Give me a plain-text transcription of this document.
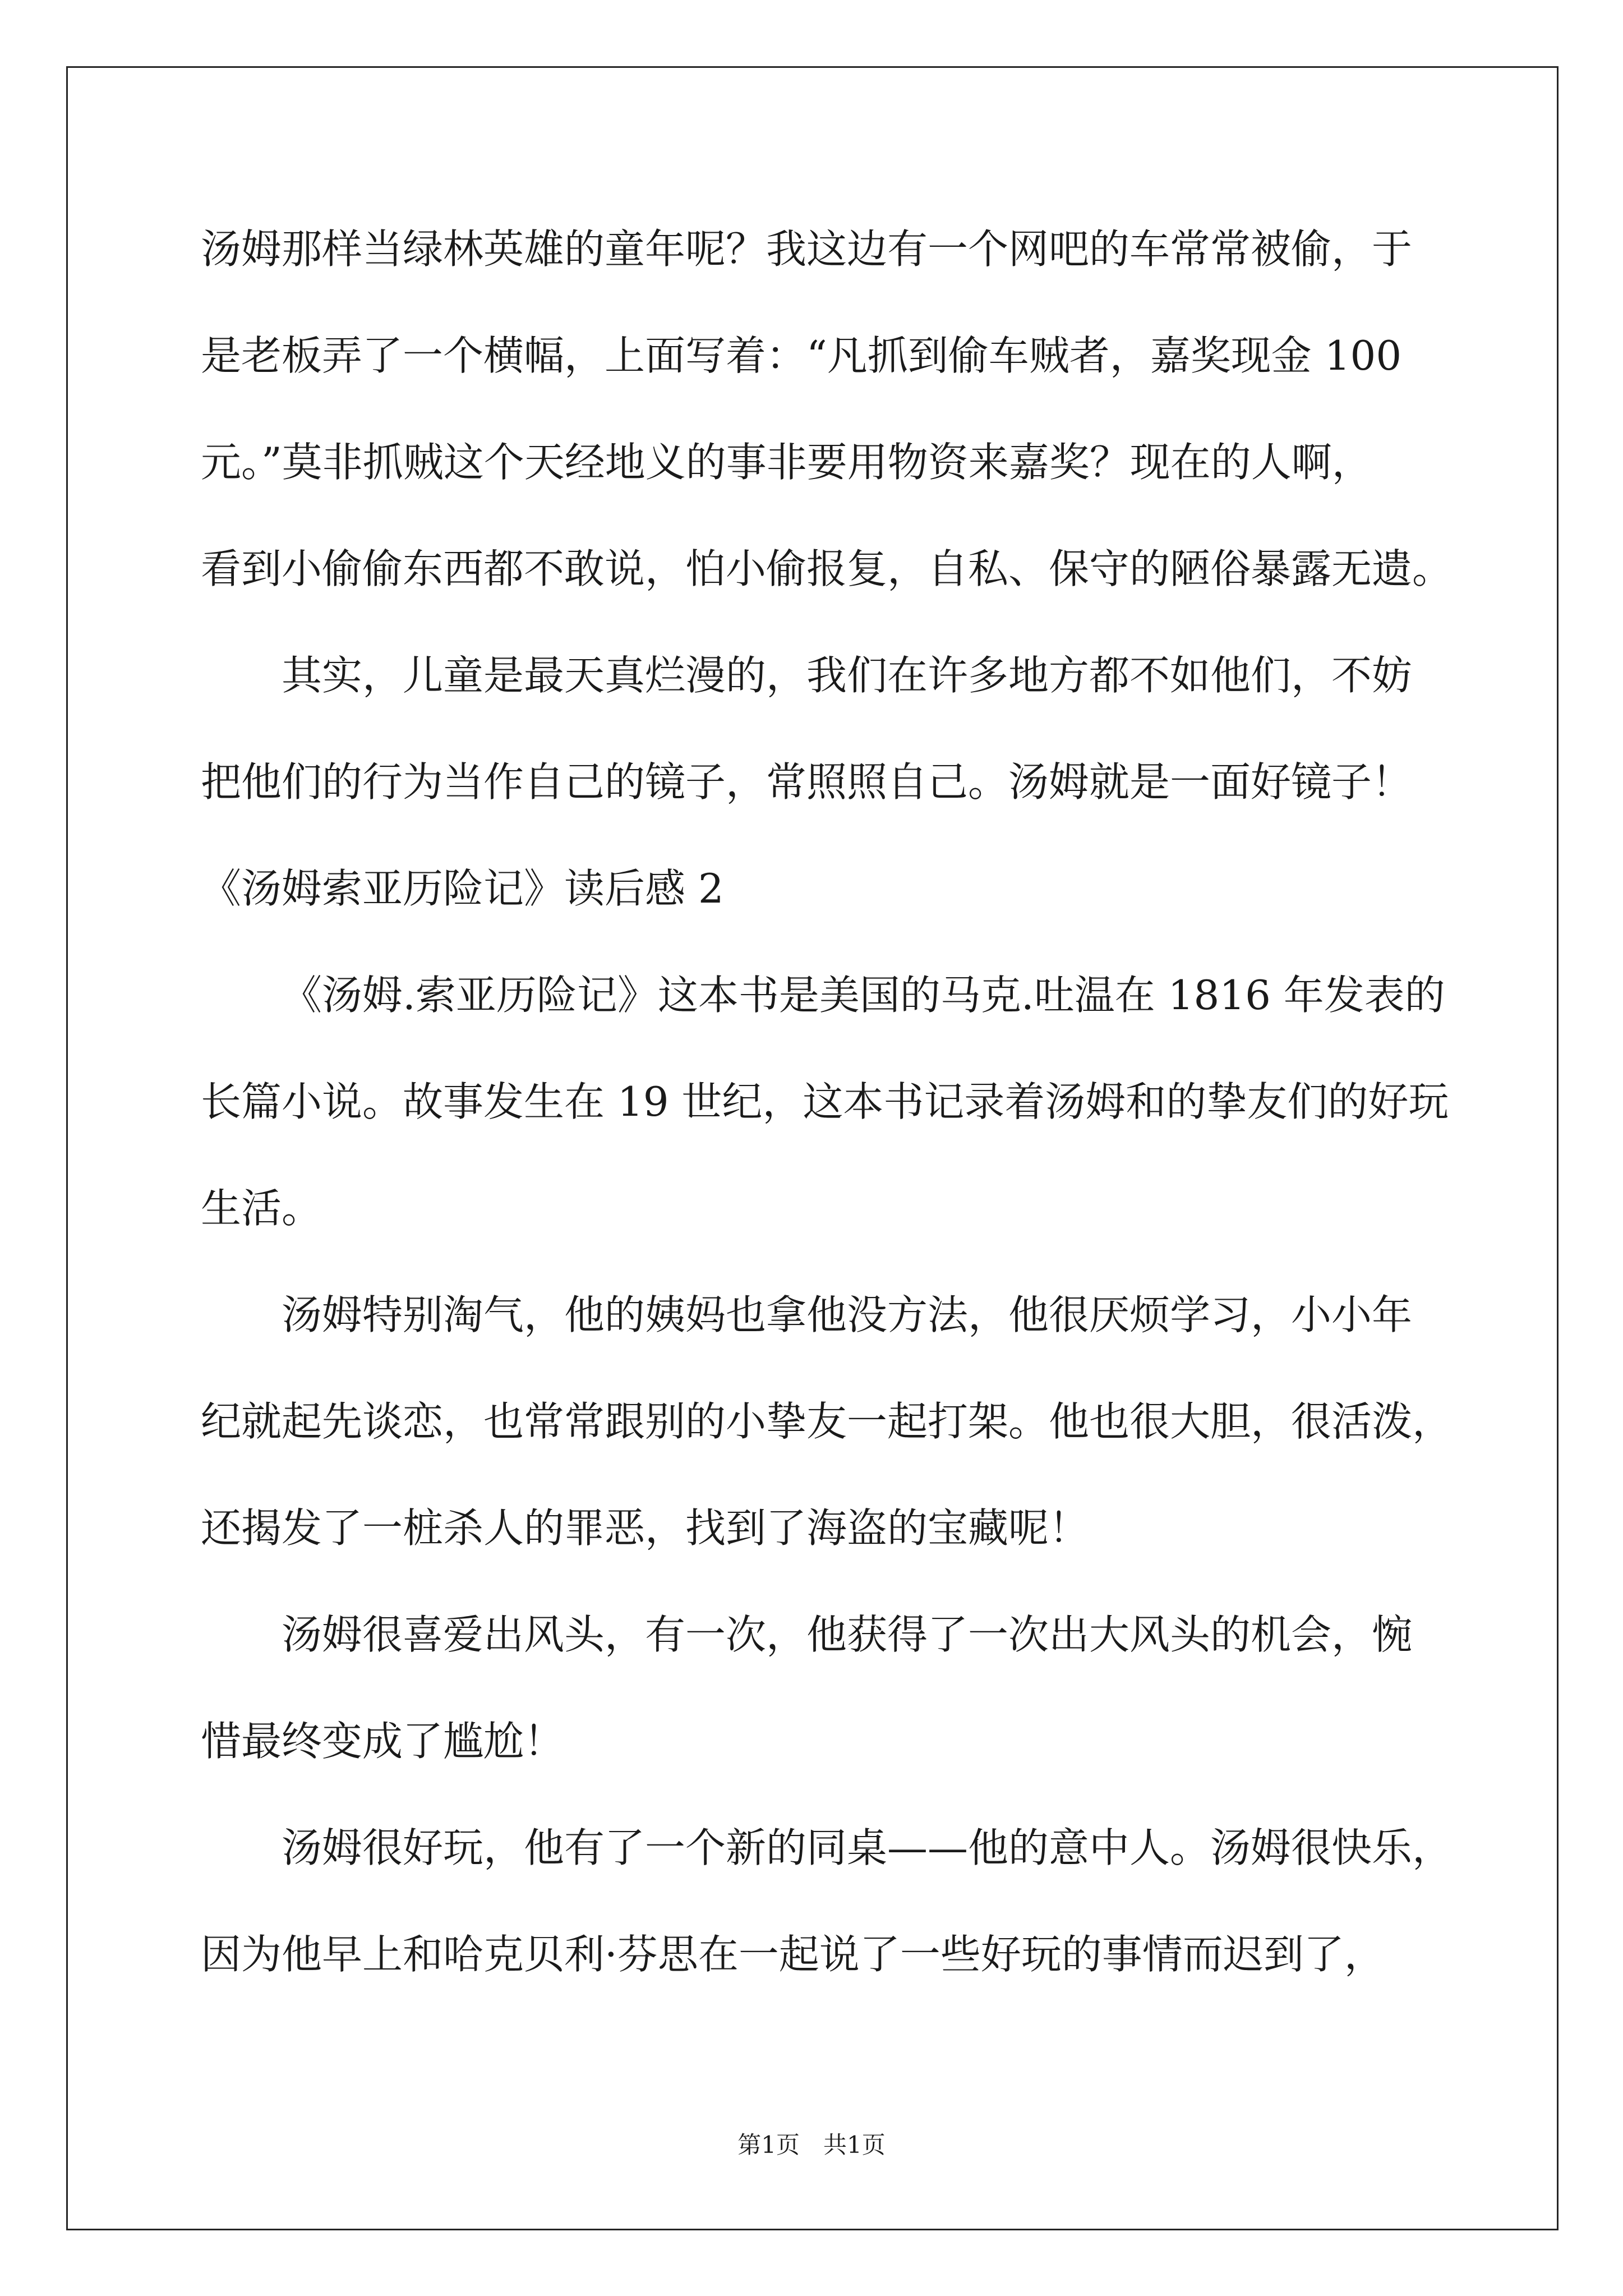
汤姆那样当绿林英雄的童年呢？我这边有一个网吧的车常常被偷，于
是老板弄了一个横幅，上面写着：“凡抓到偷车贼者，嘉奖现金 100
元。”莫非抓贼这个天经地义的事非要用物资来嘉奖？现在的人啊，
看到小偷偷东西都不敢说，怕小偷报复，自私、保守的陋俗暴露无遗。
其实，儿童是最天真烂漫的，我们在许多地方都不如他们，不妨
把他们的行为当作自己的镜子，常照照自己。汤姆就是一面好镜子！
《汤姆索亚历险记》读后感 2
《汤姆.索亚历险记》这本书是美国的马克.吐温在 1816 年发表的
长篇小说。故事发生在 19 世纪，这本书记录着汤姆和的挚友们的好玩
生活。
汤姆特别淘气，他的姨妈也拿他没方法，他很厌烦学习，小小年
纪就起先谈恋，也常常跟别的小挚友一起打架。他也很大胆，很活泼，
还揭发了一桩杀人的罪恶，找到了海盗的宝藏呢！
汤姆很喜爱出风头，有一次，他获得了一次出大风头的机会，惋
惜最终变成了尴尬！
汤姆很好玩，他有了一个新的同桌——他的意中人。汤姆很快乐，
因为他早上和哈克贝利·芬思在一起说了一些好玩的事情而迟到了，
第1页　共1页
